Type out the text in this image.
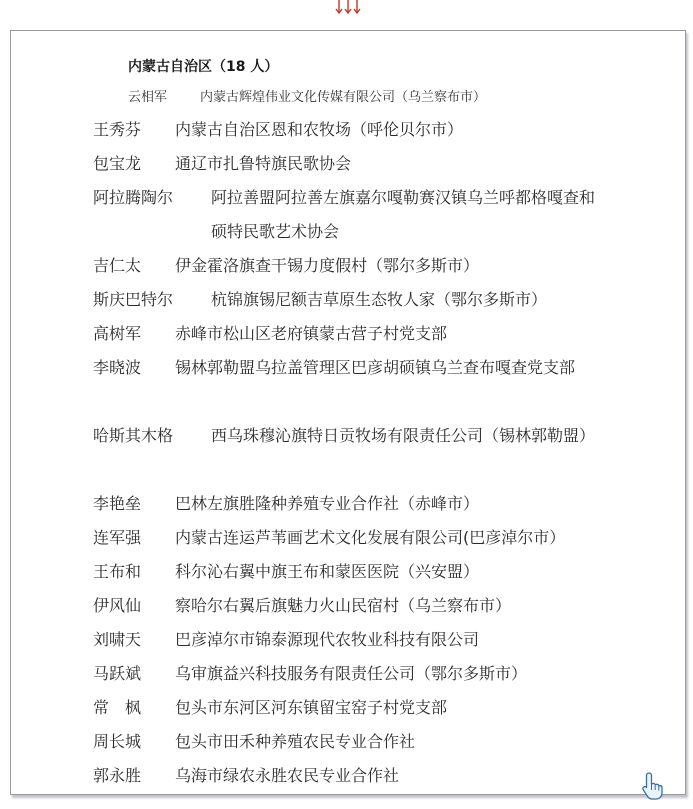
内蒙古自治区（18 人）
云相军	内蒙古辉煌伟业文化传媒有限公司（乌兰察布市）
王秀芬 内蒙古自治区恩和农牧场（呼伦贝尔市）
包宝龙 通辽市扎鲁特旗民歌协会
阿拉腾陶尔 阿拉善盟阿拉善左旗嘉尔嘎勒赛汉镇乌兰呼都格嘎查和硕特民歌艺术协会
吉仁太 伊金霍洛旗查干锡力度假村（鄂尔多斯市）
斯庆巴特尔 杭锦旗锡尼额吉草原生态牧人家（鄂尔多斯市）
高树军 赤峰市松山区老府镇蒙古营子村党支部
李晓波 锡林郭勒盟乌拉盖管理区巴彦胡硕镇乌兰查布嘎查党支部
哈斯其木格 西乌珠穆沁旗特日贡牧场有限责任公司（锡林郭勒盟）
李艳垒 巴林左旗胜隆种养殖专业合作社（赤峰市）
连军强 内蒙古连运芦苇画艺术文化发展有限公司(巴彦淖尔市）
王布和 科尔沁右翼中旗王布和蒙医医院（兴安盟）
伊风仙 察哈尔右翼后旗魅力火山民宿村（乌兰察布市）
刘啸天 巴彦淖尔市锦泰源现代农牧业科技有限公司
马跃斌 乌审旗益兴科技服务有限责任公司（鄂尔多斯市）
常　枫 包头市东河区河东镇留宝窑子村党支部
周长城 包头市田禾种养殖农民专业合作社
郭永胜 乌海市绿农永胜农民专业合作社
